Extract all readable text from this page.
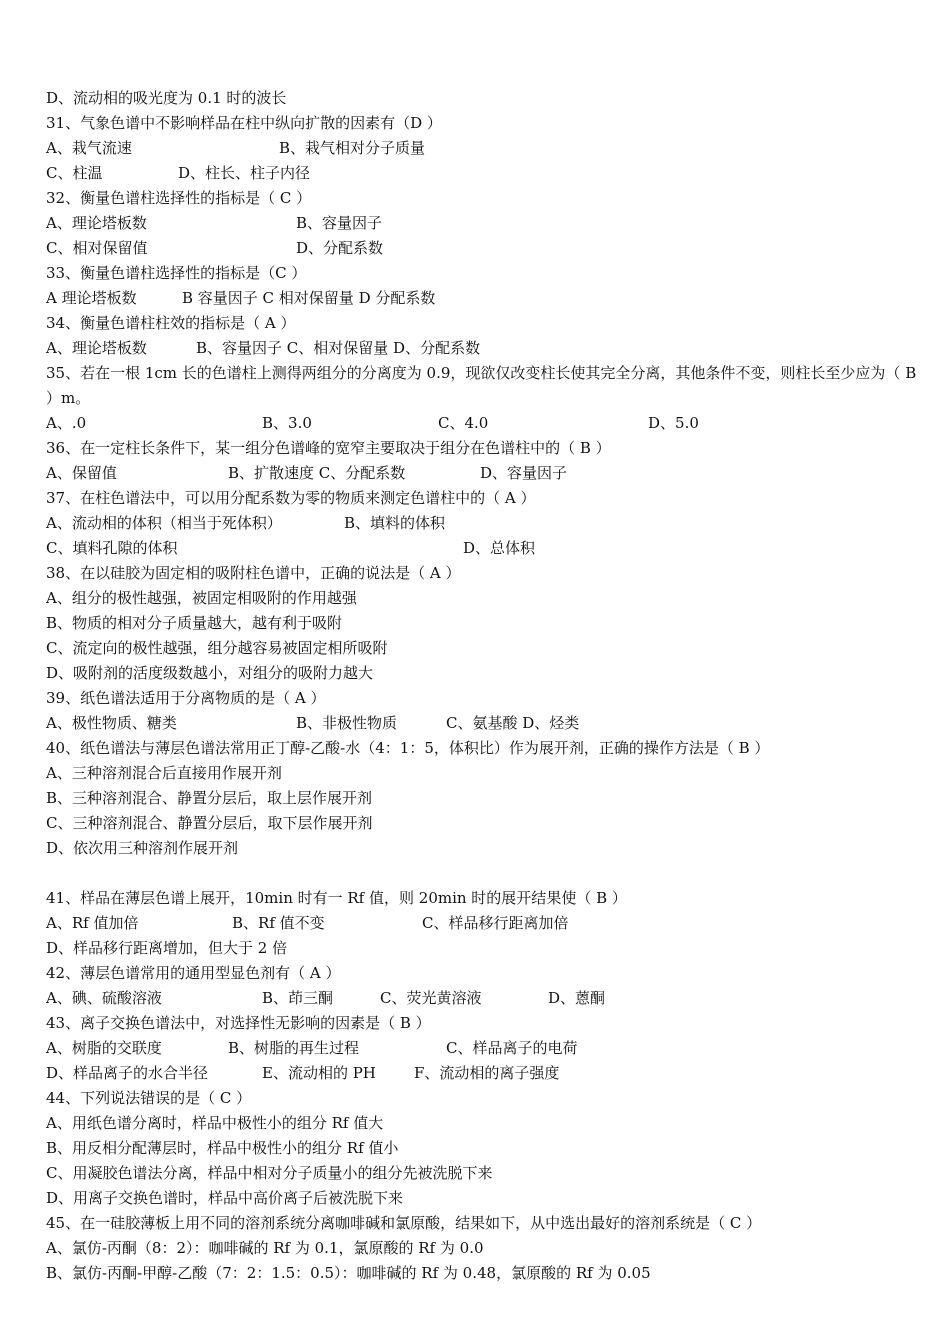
D、流动相的吸光度为 0.1 时的波长
31、气象色谱中不影响样品在柱中纵向扩散的因素有（D ）
A、栽气流速	B、栽气相对分子质量
C、柱温	D、柱长、柱子内径
32、衡量色谱柱选择性的指标是（ C ）
A、理论塔板数	B、容量因子
C、相对保留值	D、分配系数
33、衡量色谱柱选择性的指标是（C ）
A 理论塔板数	B 容量因子 C 相对保留量 D 分配系数
34、衡量色谱柱柱效的指标是（ A ）
A、理论塔板数	B、容量因子 C、相对保留量 D、分配系数
35、若在一根 1cm 长的色谱柱上测得两组分的分离度为 0.9，现欲仅改变柱长使其完全分离，其他条件不变，则柱长至少应为（ B ）m。
A、.0	B、3.0	C、4.0	D、5.0
36、在一定柱长条件下，某一组分色谱峰的宽窄主要取决于组分在色谱柱中的（ B ）
A、保留值	B、扩散速度 C、分配系数	D、容量因子
37、在柱色谱法中，可以用分配系数为零的物质来测定色谱柱中的（ A ）
A、流动相的体积（相当于死体积）	B、填料的体积
C、填料孔隙的体积	D、总体积
38、在以硅胶为固定相的吸附柱色谱中，正确的说法是（ A ）
A、组分的极性越强，被固定相吸附的作用越强
B、物质的相对分子质量越大，越有利于吸附
C、流定向的极性越强，组分越容易被固定相所吸附
D、吸附剂的活度级数越小，对组分的吸附力越大
39、纸色谱法适用于分离物质的是（ A ）
A、极性物质、糖类	B、非极性物质	C、氨基酸 D、烃类
40、纸色谱法与薄层色谱法常用正丁醇-乙酸-水（4：1：5，体积比）作为展开剂，正确的操作方法是（ B ）
A、三种溶剂混合后直接用作展开剂
B、三种溶剂混合、静置分层后，取上层作展开剂
C、三种溶剂混合、静置分层后，取下层作展开剂
D、依次用三种溶剂作展开剂
41、样品在薄层色谱上展开，10min 时有一 Rf 值，则 20min 时的展开结果使（ B ）
A、Rf 值加倍	B、Rf 值不变	C、样品移行距离加倍
D、样品移行距离增加，但大于 2 倍
42、薄层色谱常用的通用型显色剂有（ A ）
A、碘、硫酸溶液	B、茚三酮	C、荧光黄溶液	D、蒽酮
43、离子交换色谱法中，对选择性无影响的因素是（ B ）
A、树脂的交联度	B、树脂的再生过程	C、样品离子的电荷
D、样品离子的水合半径	E、流动相的 PH	F、流动相的离子强度
44、下列说法错误的是（ C ）
A、用纸色谱分离时，样品中极性小的组分 Rf 值大
B、用反相分配薄层时，样品中极性小的组分 Rf 值小
C、用凝胶色谱法分离，样品中相对分子质量小的组分先被洗脱下来
D、用离子交换色谱时，样品中高价离子后被洗脱下来
45、在一硅胶薄板上用不同的溶剂系统分离咖啡碱和氯原酸，结果如下，从中选出最好的溶剂系统是（ C ）
A、氯仿-丙酮（8：2）：咖啡碱的 Rf 为 0.1，氯原酸的 Rf 为 0.0
B、氯仿-丙酮-甲醇-乙酸（7：2：1.5：0.5）：咖啡碱的 Rf 为 0.48，氯原酸的 Rf 为 0.05
